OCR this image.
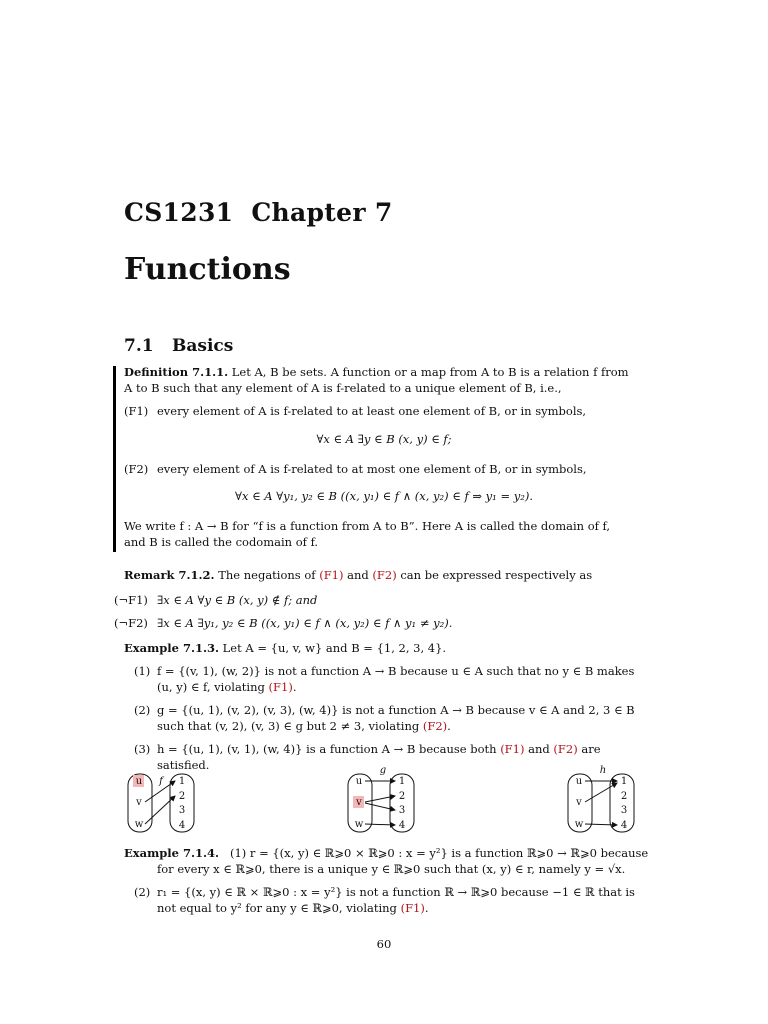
CS1231  Chapter 7
Functions
7.1 Basics
Definition 7.1.1. Let A, B be sets. A function or a map from A to B is a relation f from
A to B such that any element of A is f-related to a unique element of B, i.e.,
(F1) every element of A is f-related to at least one element of B, or in symbols,
∀x ∈ A ∃y ∈ B (x, y) ∈ f;
(F2) every element of A is f-related to at most one element of B, or in symbols,
∀x ∈ A ∀y₁, y₂ ∈ B ((x, y₁) ∈ f ∧ (x, y₂) ∈ f ⇒ y₁ = y₂).
We write f : A → B for “f is a function from A to B”. Here A is called the domain of f,
and B is called the codomain of f.
Remark 7.1.2. The negations of (F1) and (F2) can be expressed respectively as
(¬F1) ∃x ∈ A ∀y ∈ B (x, y) ∉ f; and
(¬F2) ∃x ∈ A ∃y₁, y₂ ∈ B ((x, y₁) ∈ f ∧ (x, y₂) ∈ f ∧ y₁ ≠ y₂).
Example 7.1.3. Let A = {u, v, w} and B = {1, 2, 3, 4}.
(1) f = {(v, 1), (w, 2)} is not a function A → B because u ∈ A such that no y ∈ B makes
(u, y) ∈ f, violating (F1).
(2) g = {(u, 1), (v, 2), (v, 3), (w, 4)} is not a function A → B because v ∈ A and 2, 3 ∈ B
such that (v, 2), (v, 3) ∈ g but 2 ≠ 3, violating (F2).
(3) h = {(u, 1), (v, 1), (w, 4)} is a function A → B because both (F1) and (F2) are satisfied.
u
v
w
1
2
3
4
f	u
v
w
1
2
3
4
g
u
v
w
1
2
3
4
h
Example 7.1.4. (1) r = {(x, y) ∈ ℝ⩾0 × ℝ⩾0 : x = y²} is a function ℝ⩾0 → ℝ⩾0 because
for every x ∈ ℝ⩾0, there is a unique y ∈ ℝ⩾0 such that (x, y) ∈ r, namely y = √x.
(2) r₁ = {(x, y) ∈ ℝ × ℝ⩾0 : x = y²} is not a function ℝ → ℝ⩾0 because −1 ∈ ℝ that is
not equal to y² for any y ∈ ℝ⩾0, violating (F1).
60
